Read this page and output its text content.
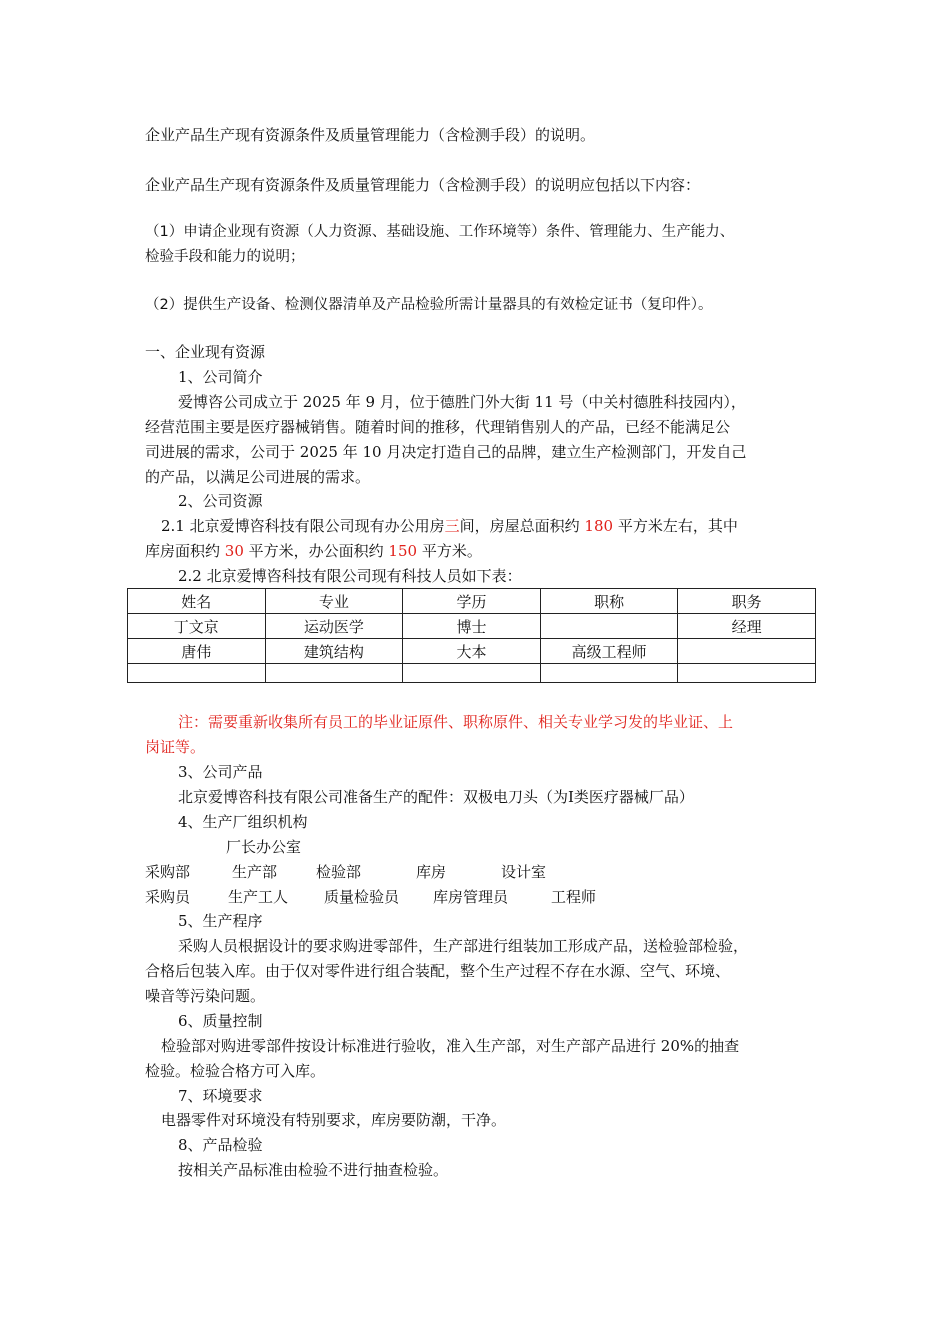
企业产品生产现有资源条件及质量管理能力（含检测手段）的说明。
企业产品生产现有资源条件及质量管理能力（含检测手段）的说明应包括以下内容：
（1）申请企业现有资源（人力资源、基础设施、工作环境等）条件、管理能力、生产能力、
检验手段和能力的说明；
（2）提供生产设备、检测仪器清单及产品检验所需计量器具的有效检定证书（复印件）。
一、企业现有资源
1、公司简介
爱博咨公司成立于 2025 年 9 月，位于德胜门外大街 11 号（中关村德胜科技园内），
经营范围主要是医疗器械销售。随着时间的推移，代理销售别人的产品，已经不能满足公
司进展的需求，公司于 2025 年 10 月决定打造自己的品牌，建立生产检测部门，开发自己
的产品，以满足公司进展的需求。
2、公司资源
2.1 北京爱博咨科技有限公司现有办公用房三间，房屋总面积约 180 平方米左右，其中
库房面积约 30 平方米，办公面积约 150 平方米。
2.2 北京爱博咨科技有限公司现有科技人员如下表：
姓名	专业	学历	职称	职务
丁文京	运动医学	博士		经理
唐伟	建筑结构	大本	高级工程师	

注：需要重新收集所有员工的毕业证原件、职称原件、相关专业学习发的毕业证、上
岗证等。
3、公司产品
北京爱博咨科技有限公司准备生产的配件：双极电刀头（为Ⅰ类医疗器械厂品）
4、生产厂组织机构
厂长办公室
采购部	生产部	检验部	库房	设计室
采购员	生产工人 质量检验员 库房管理员	工程师
5、生产程序
采购人员根据设计的要求购进零部件，生产部进行组装加工形成产品，送检验部检验，
合格后包装入库。由于仅对零件进行组合装配，整个生产过程不存在水源、空气、环境、
噪音等污染问题。
6、质量控制
检验部对购进零部件按设计标准进行验收，准入生产部，对生产部产品进行 20%的抽查
检验。检验合格方可入库。
7、环境要求
电器零件对环境没有特别要求，库房要防潮，干净。
8、产品检验
按相关产品标准由检验不进行抽查检验。
